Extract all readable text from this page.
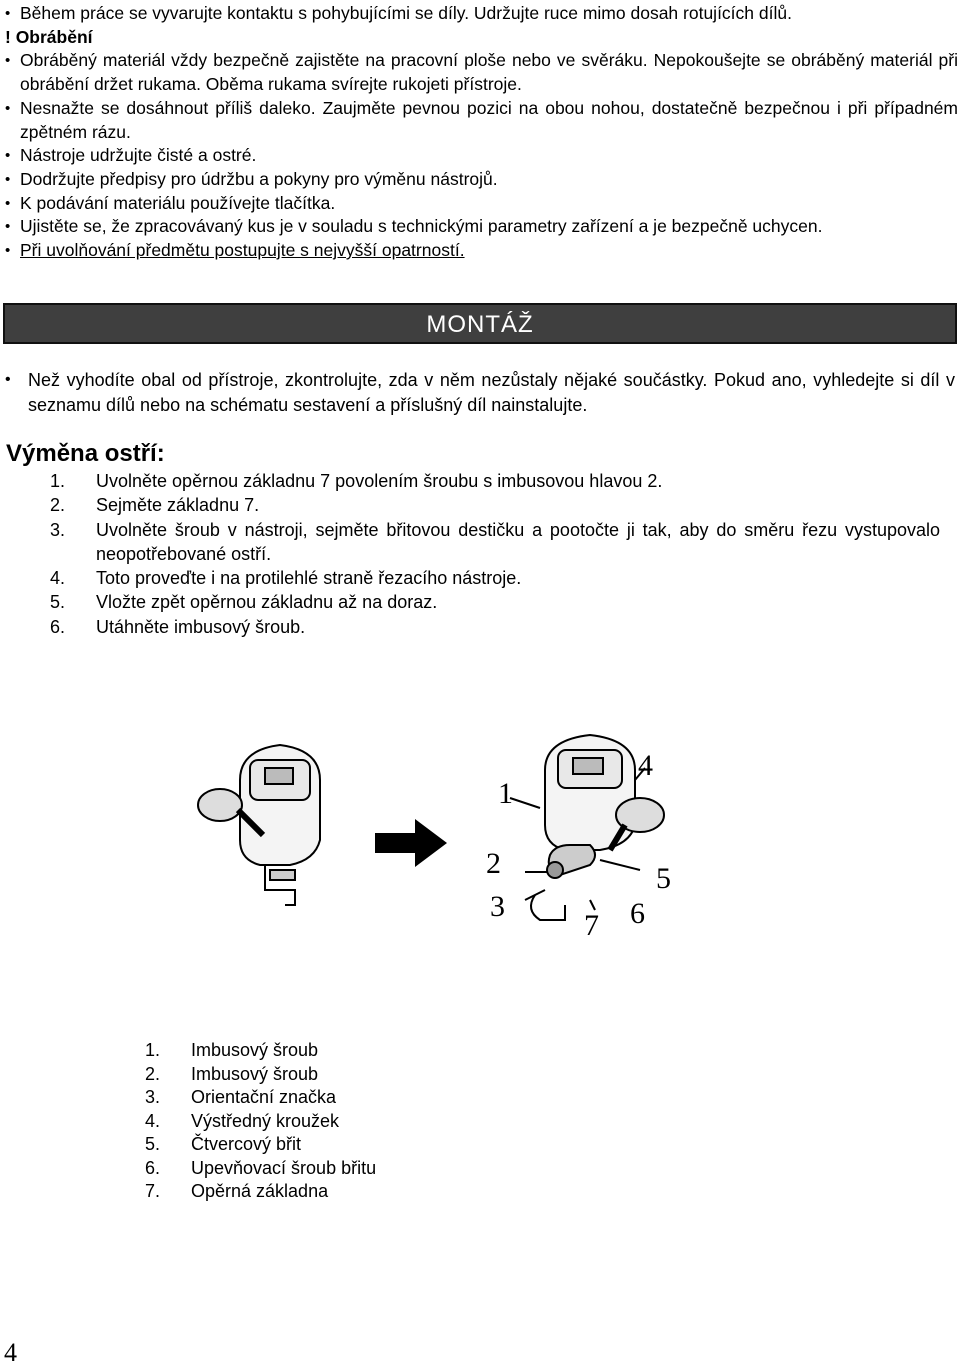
• Během práce se vyvarujte kontaktu s pohybujícími se díly. Udržujte ruce mimo dosah rotujících dílů.
! Obrábění
• Obráběný materiál vždy bezpečně zajistěte na pracovní ploše nebo ve svěráku. Nepokoušejte se obráběný materiál při obrábění držet rukama. Oběma rukama svírejte rukojeti přístroje.
• Nesnažte se dosáhnout příliš daleko. Zaujměte pevnou pozici na obou nohou, dostatečně bezpečnou i při případném zpětném rázu.
• Nástroje udržujte čisté a ostré.
• Dodržujte předpisy pro údržbu a pokyny pro výměnu nástrojů.
• K podávání materiálu používejte tlačítka.
• Ujistěte se, že zpracovávaný kus je v souladu s technickými parametry zařízení a je bezpečně uchycen.
• Při uvolňování předmětu postupujte s nejvyšší opatrností.
MONTÁŽ
• Než vyhodíte obal od přístroje, zkontrolujte, zda v něm nezůstaly nějaké součástky. Pokud ano, vyhledejte si díl v seznamu dílů nebo na schématu sestavení a příslušný díl nainstalujte.
Výměna ostří:
1. Uvolněte opěrnou základnu 7 povolením šroubu s imbusovou hlavou 2.
2. Sejměte základnu 7.
3. Uvolněte šroub v nástroji, sejměte břitovou destičku a pootočte ji tak, aby do směru řezu vystupovalo neopotřebované ostří.
4. Toto proveďte i na protilehlé straně řezacího nástroje.
5. Vložte zpět opěrnou základnu až na doraz.
6. Utáhněte imbusový šroub.
1
2
3
4
5
6
7
1. Imbusový šroub
2. Imbusový šroub
3. Orientační značka
4. Výstředný kroužek
5. Čtvercový břit
6. Upevňovací šroub břitu
7. Opěrná základna
4
